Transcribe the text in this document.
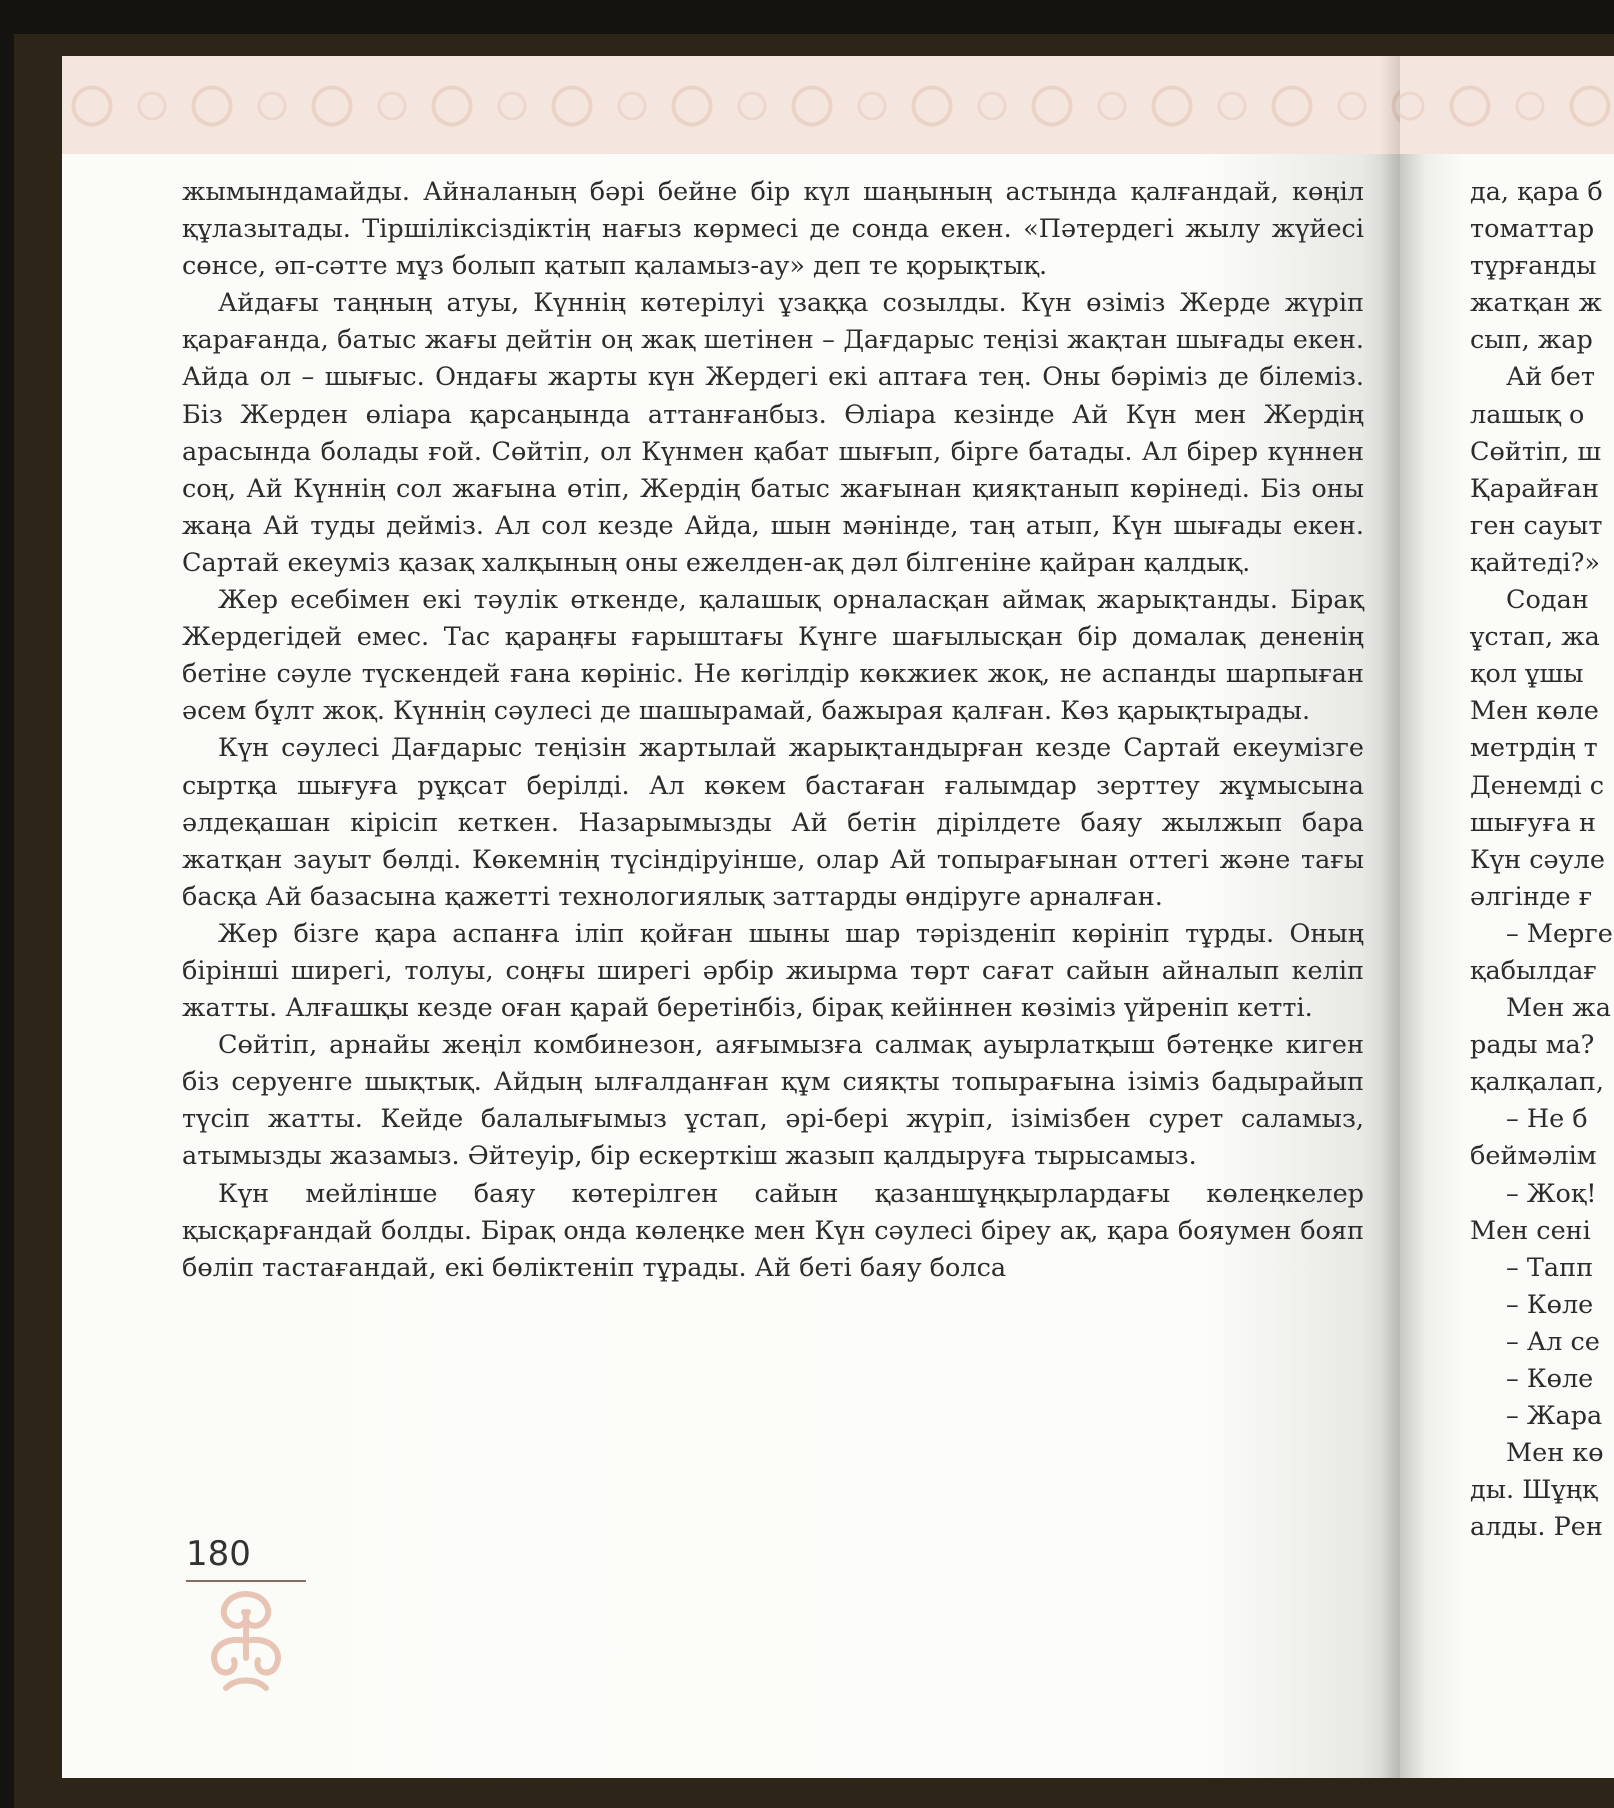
жымындамайды. Айналаның бәрі бейне бір күл шаңының астында қалғандай, көңіл құлазытады. Тіршіліксіздіктің нағыз көрмесі де сонда екен. «Пәтердегі жылу жүйесі сөнсе, әп-сәтте мұз болып қатып қаламыз-ау» деп те қорықтық.

Айдағы таңның атуы, Күннің көтерілуі ұзаққа созылды. Күн өзіміз Жерде жүріп қарағанда, батыс жағы дейтін оң жақ шетінен – Дағдарыс теңізі жақтан шығады екен. Айда ол – шығыс. Ондағы жарты күн Жердегі екі аптаға тең. Оны бәріміз де білеміз. Біз Жерден өліара қарсаңында аттанғанбыз. Өліара кезінде Ай Күн мен Жердің арасында болады ғой. Сөйтіп, ол Күнмен қабат шығып, бірге батады. Ал бірер күннен соң, Ай Күннің сол жағына өтіп, Жердің батыс жағынан қияқтанып көрінеді. Біз оны жаңа Ай туды дейміз. Ал сол кезде Айда, шын мәнінде, таң атып, Күн шығады екен. Сартай екеуміз қазақ халқының оны ежелден-ақ дәл білгеніне қайран қалдық.

Жер есебімен екі тәулік өткенде, қалашық орналасқан аймақ жарықтанды. Бірақ Жердегідей емес. Тас қараңғы ғарыштағы Күнге шағылысқан бір домалақ дененің бетіне сәуле түскендей ғана көрініс. Не көгілдір көкжиек жоқ, не аспанды шарпыған әсем бұлт жоқ. Күннің сәулесі де шашырамай, бажырая қалған. Көз қарықтырады.

Күн сәулесі Дағдарыс теңізін жартылай жарықтандырған кезде Сартай екеумізге сыртқа шығуға рұқсат берілді. Ал көкем бастаған ғалымдар зерттеу жұмысына әлдеқашан кірісіп кеткен. Назарымызды Ай бетін дірілдете баяу жылжып бара жатқан зауыт бөлді. Көкемнің түсіндіруінше, олар Ай топырағынан оттегі және тағы басқа Ай базасына қажетті технологиялық заттарды өндіруге арналған.

Жер бізге қара аспанға іліп қойған шыны шар тәрізденіп көрініп тұрды. Оның бірінші ширегі, толуы, соңғы ширегі әрбір жиырма төрт сағат сайын айналып келіп жатты. Алғашқы кезде оған қарай беретінбіз, бірақ кейіннен көзіміз үйреніп кетті.

Сөйтіп, арнайы жеңіл комбинезон, аяғымызға салмақ ауырлатқыш бәтеңке киген біз серуенге шықтық. Айдың ылғалданған құм сияқты топырағына ізіміз бадырайып түсіп жатты. Кейде балалығымыз ұстап, әрі-бері жүріп, ізімізбен сурет саламыз, атымызды жазамыз. Әйтеуір, бір ескерткіш жазып қалдыруға тырысамыз.

Күн мейлінше баяу көтерілген сайын қазаншұңқырлардағы көлеңкелер қысқарғандай болды. Бірақ онда көлеңке мен Күн сәулесі біреу ақ, қара бояумен бояп бөліп тастағандай, екі бөліктеніп тұрады. Ай беті баяу болса

180
да, қара б
томаттар
тұрғанды
жатқан ж
сып, жар
Ай бет
лашық о
Сөйтіп, ш
Қарайған
ген сауыт
қайтеді?»
Содан
ұстап, жа
қол ұшы
Мен көле
метрдің т
Денемді с
шығуға н
Күн сәуле
әлгінде ғ
– Мерге
қабылдағ
Мен жа
рады ма?
қалқалап,
– Не б
беймәлім
– Жоқ!
Мен сені
– Тапп
– Көле
– Ал се
– Көле
– Жара
Мен кө
ды. Шұңқ
алды. Рен
